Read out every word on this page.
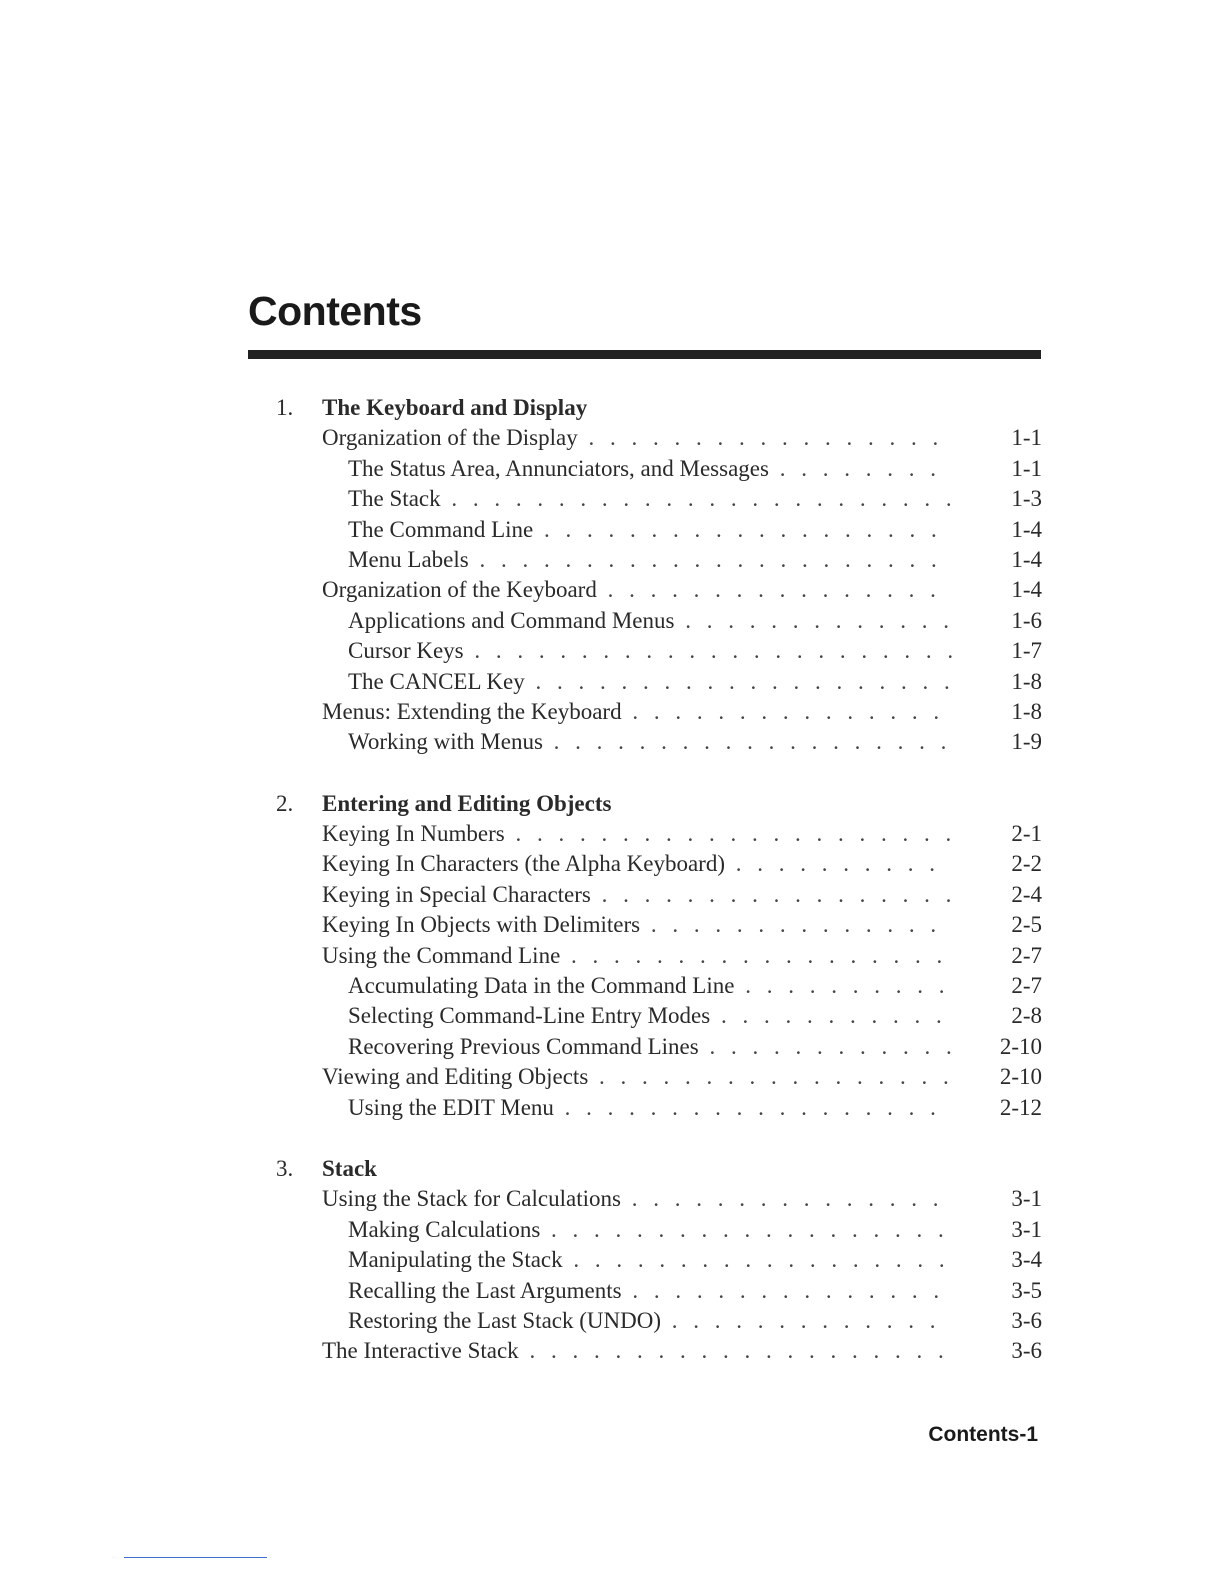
Contents
1. The Keyboard and Display
Organization of the Display . . .	1-1
The Status Area, Annunciators, and Messages . . .	1-1
The Stack . . .	1-3
The Command Line . . .	1-4
Menu Labels . . .	1-4
Organization of the Keyboard . . .	1-4
Applications and Command Menus . . .	1-6
Cursor Keys . . .	1-7
The CANCEL Key . . .	1-8
Menus: Extending the Keyboard . . .	1-8
Working with Menus . . .	1-9
2. Entering and Editing Objects
Keying In Numbers . . .	2-1
Keying In Characters (the Alpha Keyboard) . . .	2-2
Keying in Special Characters . . .	2-4
Keying In Objects with Delimiters . . .	2-5
Using the Command Line . . .	2-7
Accumulating Data in the Command Line . . .	2-7
Selecting Command-Line Entry Modes . . .	2-8
Recovering Previous Command Lines . . .	2-10
Viewing and Editing Objects . . .	2-10
Using the EDIT Menu . . .	2-12
3. Stack
Using the Stack for Calculations . . .	3-1
Making Calculations . . .	3-1
Manipulating the Stack . . .	3-4
Recalling the Last Arguments . . .	3-5
Restoring the Last Stack (UNDO) . . .	3-6
The Interactive Stack . . .	3-6
Contents-1
